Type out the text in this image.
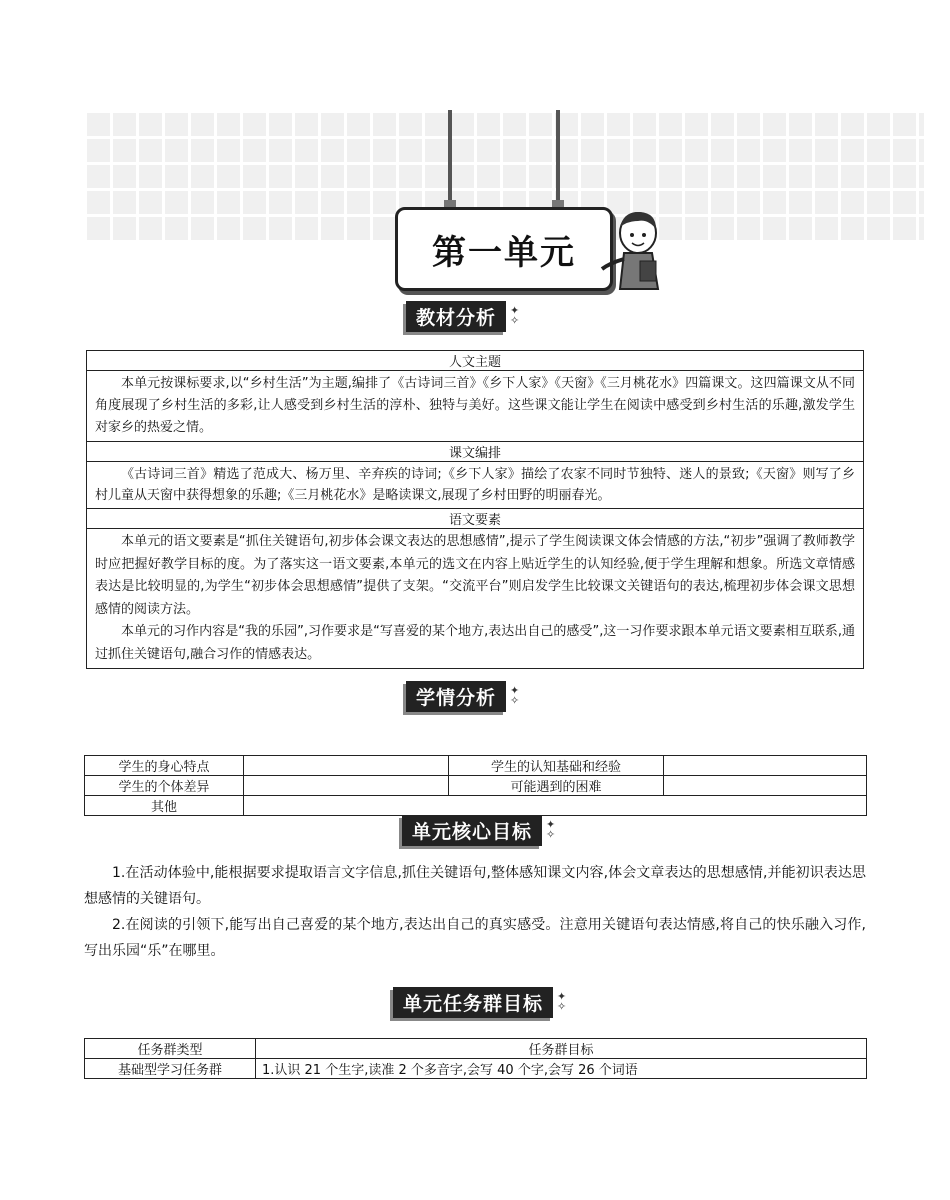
第一单元
教材分析	✦
✧
人文主题

本单元按课标要求,以“乡村生活”为主题,编排了《古诗词三首》《乡下人家》《天窗》《三月桃花水》四篇课文。这四篇课文从不同角度展现了乡村生活的多彩,让人感受到乡村生活的淳朴、独特与美好。这些课文能让学生在阅读中感受到乡村生活的乐趣,激发学生对家乡的热爱之情。

课文编排

《古诗词三首》精选了范成大、杨万里、辛弃疾的诗词;《乡下人家》描绘了农家不同时节独特、迷人的景致;《天窗》则写了乡村儿童从天窗中获得想象的乐趣;《三月桃花水》是略读课文,展现了乡村田野的明丽春光。

语文要素

本单元的语文要素是“抓住关键语句,初步体会课文表达的思想感情”,提示了学生阅读课文体会情感的方法,“初步”强调了教师教学时应把握好教学目标的度。为了落实这一语文要素,本单元的选文在内容上贴近学生的认知经验,便于学生理解和想象。所选文章情感表达是比较明显的,为学生“初步体会思想感情”提供了支架。“交流平台”则启发学生比较课文关键语句的表达,梳理初步体会课文思想感情的阅读方法。

本单元的习作内容是“我的乐园”,习作要求是“写喜爱的某个地方,表达出自己的感受”,这一习作要求跟本单元语文要素相互联系,通过抓住关键语句,融合习作的情感表达。

学情分析	✦
✧
学生的身心特点		学生的认知基础和经验	
学生的个体差异		可能遇到的困难	
其他			
单元核心目标	✦
✧

1.在活动体验中,能根据要求提取语言文字信息,抓住关键语句,整体感知课文内容,体会文章表达的思想感情,并能初识表达思想感情的关键语句。

2.在阅读的引领下,能写出自己喜爱的某个地方,表达出自己的真实感受。注意用关键语句表达情感,将自己的快乐融入习作,写出乐园“乐”在哪里。

单元任务群目标	✦
✧
任务群类型	任务群目标
基础型学习任务群	1.认识 21 个生字,读准 2 个多音字,会写 40 个字,会写 26 个词语
